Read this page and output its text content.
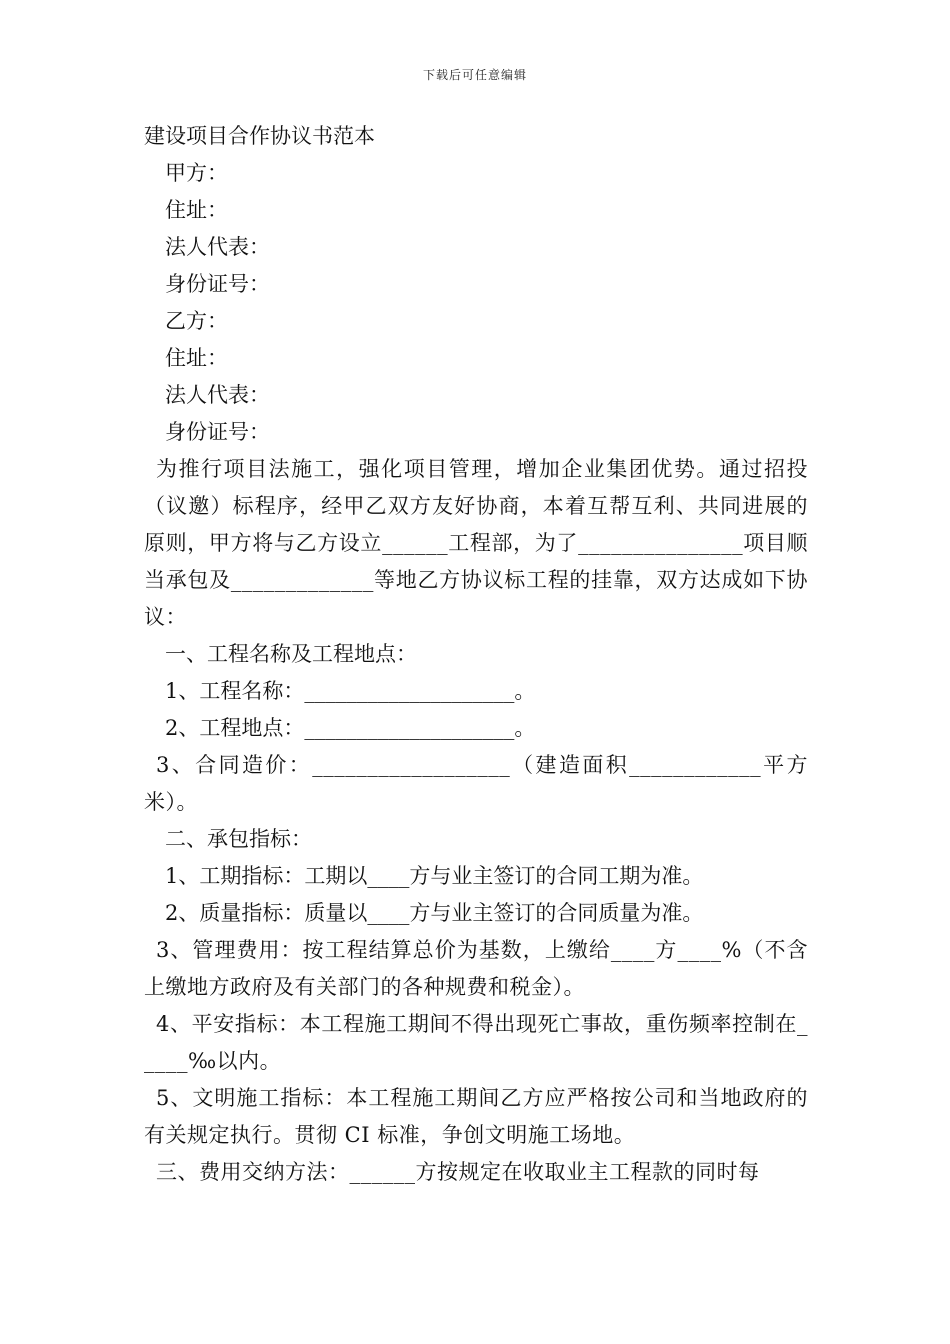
下载后可任意编辑

建设项目合作协议书范本

甲方：

住址：

法人代表：

身份证号：

乙方：

住址：

法人代表：

身份证号：

为推行项目法施工，强化项目管理，增加企业集团优势。通过招投（议邀）标程序，经甲乙双方友好协商，本着互帮互利、共同进展的原则，甲方将与乙方设立______工程部，为了_______________项目顺当承包及_____________等地乙方协议标工程的挂靠，双方达成如下协议：

一、工程名称及工程地点：

1、工程名称：____________________。

2、工程地点：____________________。

3、合同造价：__________________（建造面积____________平方米）。

二、承包指标：

1、工期指标：工期以____方与业主签订的合同工期为准。

2、质量指标：质量以____方与业主签订的合同质量为准。

3、管理费用：按工程结算总价为基数，上缴给____方____%（不含上缴地方政府及有关部门的各种规费和税金）。

4、平安指标：本工程施工期间不得出现死亡事故，重伤频率控制在_____‰以内。

5、文明施工指标：本工程施工期间乙方应严格按公司和当地政府的有关规定执行。贯彻 CI 标准，争创文明施工场地。

三、费用交纳方法：______方按规定在收取业主工程款的同时每
